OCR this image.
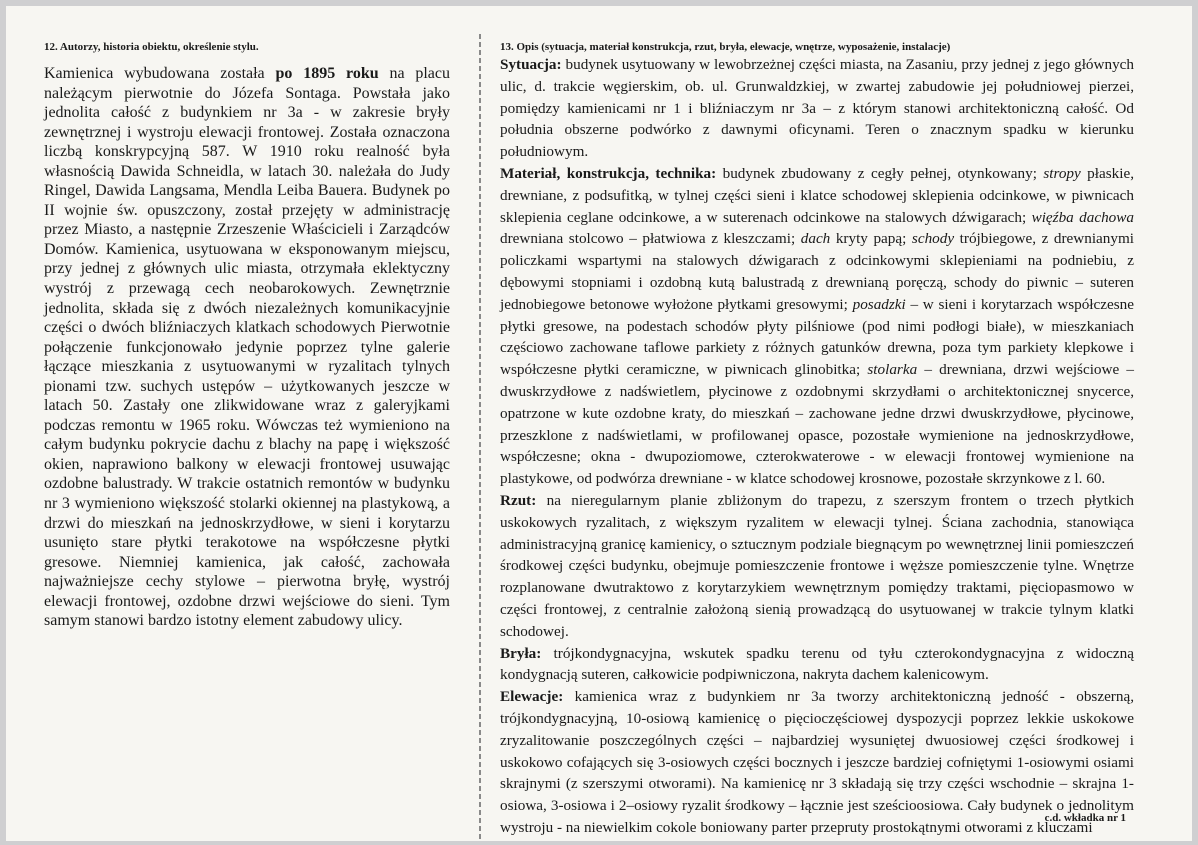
12. Autorzy, historia obiektu, określenie stylu.
Kamienica wybudowana została po 1895 roku na placu należącym pierwotnie do Józefa Sontaga. Powstała jako jednolita całość z budynkiem nr 3a - w zakresie bryły zewnętrznej i wystroju elewacji frontowej. Została oznaczona liczbą konskrypcyjną 587. W 1910 roku realność była własnością Dawida Schneidla, w latach 30. należała do Judy Ringel, Dawida Langsama, Mendla Leiba Bauera. Budynek po II wojnie św. opuszczony, został przejęty w administrację przez Miasto, a następnie Zrzeszenie Właścicieli i Zarządców Domów. Kamienica, usytuowana w eksponowanym miejscu, przy jednej z głównych ulic miasta, otrzymała eklektyczny wystrój z przewagą cech neobarokowych. Zewnętrznie jednolita, składa się z dwóch niezależnych komunikacyjnie części o dwóch bliźniaczych klatkach schodowych Pierwotnie połączenie funkcjonowało jedynie poprzez tylne galerie łączące mieszkania z usytuowanymi w ryzalitach tylnych pionami tzw. suchych ustępów – użytkowanych jeszcze w latach 50. Zastały one zlikwidowane wraz z galeryjkami podczas remontu w 1965 roku. Wówczas też wymieniono na całym budynku pokrycie dachu z blachy na papę i większość okien, naprawiono balkony w elewacji frontowej usuwając ozdobne balustrady. W trakcie ostatnich remontów w budynku nr 3 wymieniono większość stolarki okiennej na plastykową, a drzwi do mieszkań na jednoskrzydłowe, w sieni i korytarzu usunięto stare płytki terakotowe na współczesne płytki gresowe. Niemniej kamienica, jak całość, zachowała najważniejsze cechy stylowe – pierwotna bryłę, wystrój elewacji frontowej, ozdobne drzwi wejściowe do sieni. Tym samym stanowi bardzo istotny element zabudowy ulicy.
13. Opis (sytuacja, materiał konstrukcja, rzut, bryła, elewacje, wnętrze, wyposażenie, instalacje)

Sytuacja: budynek usytuowany w lewobrzeżnej części miasta, na Zasaniu, przy jednej z jego głównych ulic, d. trakcie węgierskim, ob. ul. Grunwaldzkiej, w zwartej zabudowie jej południowej pierzei, pomiędzy kamienicami nr 1 i bliźniaczym nr 3a – z którym stanowi architektoniczną całość. Od południa obszerne podwórko z dawnymi oficynami. Teren o znacznym spadku w kierunku południowym.

Materiał, konstrukcja, technika: budynek zbudowany z cegły pełnej, otynkowany; stropy płaskie, drewniane, z podsufitką, w tylnej części sieni i klatce schodowej sklepienia odcinkowe, w piwnicach sklepienia ceglane odcinkowe, a w suterenach odcinkowe na stalowych dźwigarach; więźba dachowa drewniana stolcowo – płatwiowa z kleszczami; dach kryty papą; schody trójbiegowe, z drewnianymi policzkami wspartymi na stalowych dźwigarach z odcinkowymi sklepieniami na podniebiu, z dębowymi stopniami i ozdobną kutą balustradą z drewnianą poręczą, schody do piwnic – suteren jednobiegowe betonowe wyłożone płytkami gresowymi; posadzki – w sieni i korytarzach współczesne płytki gresowe, na podestach schodów płyty pilśniowe (pod nimi podłogi białe), w mieszkaniach częściowo zachowane taflowe parkiety z różnych gatunków drewna, poza tym parkiety klepkowe i współczesne płytki ceramiczne, w piwnicach glinobitka; stolarka – drewniana, drzwi wejściowe – dwuskrzydłowe z nadświetlem, płycinowe z ozdobnymi skrzydłami o architektonicznej snycerce, opatrzone w kute ozdobne kraty, do mieszkań – zachowane jedne drzwi dwuskrzydłowe, płycinowe, przeszklone z nadświetlami, w profilowanej opasce, pozostałe wymienione na jednoskrzydłowe, współczesne; okna - dwupoziomowe, czterokwaterowe - w elewacji frontowej wymienione na plastykowe, od podwórza drewniane - w klatce schodowej krosnowe, pozostałe skrzynkowe z l. 60.

Rzut: na nieregularnym planie zbliżonym do trapezu, z szerszym frontem o trzech płytkich uskokowych ryzalitach, z większym ryzalitem w elewacji tylnej. Ściana zachodnia, stanowiąca administracyjną granicę kamienicy, o sztucznym podziale biegnącym po wewnętrznej linii pomieszczeń środkowej części budynku, obejmuje pomieszczenie frontowe i węższe pomieszczenie tylne. Wnętrze rozplanowane dwutraktowo z korytarzykiem wewnętrznym pomiędzy traktami, pięciopasmowo w części frontowej, z centralnie założoną sienią prowadzącą do usytuowanej w trakcie tylnym klatki schodowej.

Bryła: trójkondygnacyjna, wskutek spadku terenu od tyłu czterokondygnacyjna z widoczną kondygnacją suteren, całkowicie podpiwniczona, nakryta dachem kalenicowym.

Elewacje: kamienica wraz z budynkiem nr 3a tworzy architektoniczną jedność - obszerną, trójkondygnacyjną, 10-osiową kamienicę o pięcioczęściowej dyspozycji poprzez lekkie uskokowe zryzalitowanie poszczególnych części – najbardziej wysuniętej dwuosiowej części środkowej i uskokowo cofających się 3-osiowych części bocznych i jeszcze bardziej cofniętymi 1-osiowymi osiami skrajnymi (z szerszymi otworami). Na kamienicę nr 3 składają się trzy części wschodnie – skrajna 1-osiowa, 3-osiowa i 2–osiowy ryzalit środkowy – łącznie jest sześcioosiowa. Cały budynek o jednolitym wystroju - na niewielkim cokole boniowany parter przepruty prostokątnymi otworami z kluczami

c.d. wkładka nr 1
